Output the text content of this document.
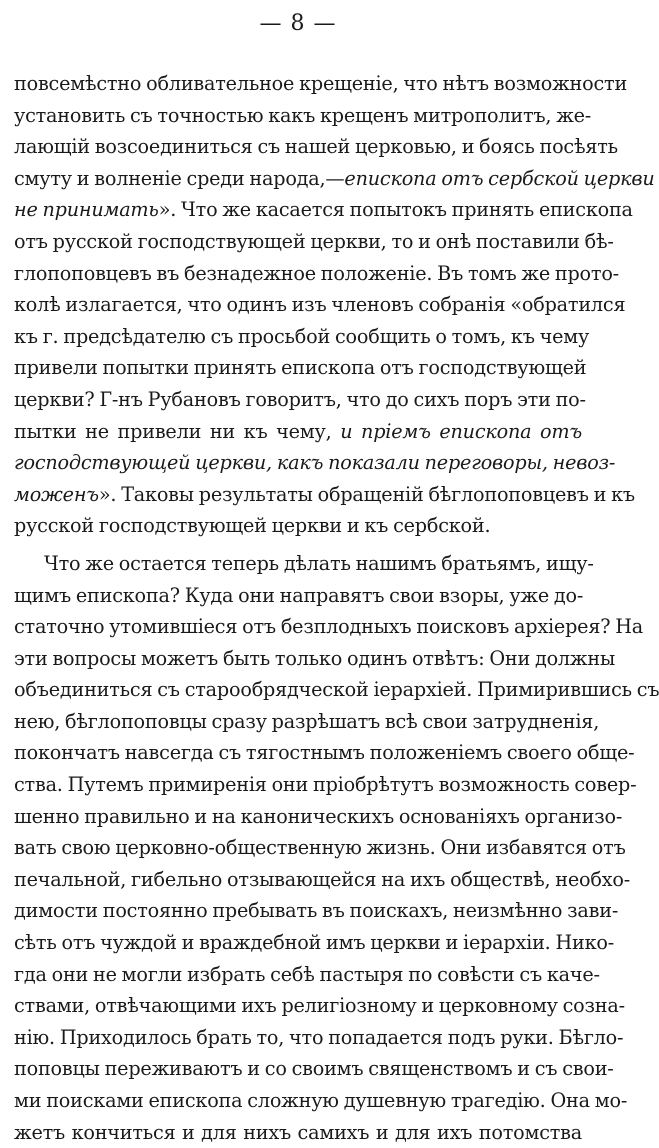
— 8 —
повсемѣстно обливательное крещеніе, что нѣтъ возможности
установить съ точностью какъ крещенъ митрополитъ, же-
лающій возсоединиться съ нашей церковью, и боясь посѣять
смуту и волненіе среди народа,—епископа отъ сербской церкви
не принимать». Что же касается попытокъ принять епископа
отъ русской господствующей церкви, то и онѣ поставили бѣ-
глопоповцевъ въ безнадежное положеніе. Въ томъ же прото-
колѣ излагается, что одинъ изъ членовъ собранія «обратился
къ г. предсѣдателю съ просьбой сообщить о томъ, къ чему
привели попытки принять епископа отъ господствующей
церкви? Г-нъ Рубановъ говоритъ, что до сихъ поръ эти по-
пытки не привели ни къ чему, и пріемъ епископа отъ
господствующей церкви, какъ показали переговоры, невоз-
моженъ». Таковы результаты обращеній бѣглопоповцевъ и къ
русской господствующей церкви и къ сербской.
Что же остается теперь дѣлать нашимъ братьямъ, ищу-
щимъ епископа? Куда они направятъ свои взоры, уже до-
статочно утомившіеся отъ безплодныхъ поисковъ архіерея? На
эти вопросы можетъ быть только одинъ отвѣтъ: Они должны
объединиться съ старообрядческой іерархіей. Примирившись съ
нею, бѣглопоповцы сразу разрѣшатъ всѣ свои затрудненія,
покончатъ навсегда съ тягостнымъ положеніемъ своего обще-
ства. Путемъ примиренія они пріобрѣтутъ возможность совер-
шенно правильно и на каноническихъ основаніяхъ организо-
вать свою церковно-общественную жизнь. Они избавятся отъ
печальной, гибельно отзывающейся на ихъ обществѣ, необхо-
димости постоянно пребывать въ поискахъ, неизмѣнно зави-
сѣть отъ чуждой и враждебной имъ церкви и іерархіи. Нико-
гда они не могли избрать себѣ пастыря по совѣсти съ каче-
ствами, отвѣчающими ихъ религіозному и церковному созна-
нію. Приходилось брать то, что попадается подъ руки. Бѣгло-
поповцы переживаютъ и со своимъ священствомъ и съ свои-
ми поисками епископа сложную душевную трагедію. Она мо-
жетъ кончиться и для нихъ самихъ и для ихъ потомства
